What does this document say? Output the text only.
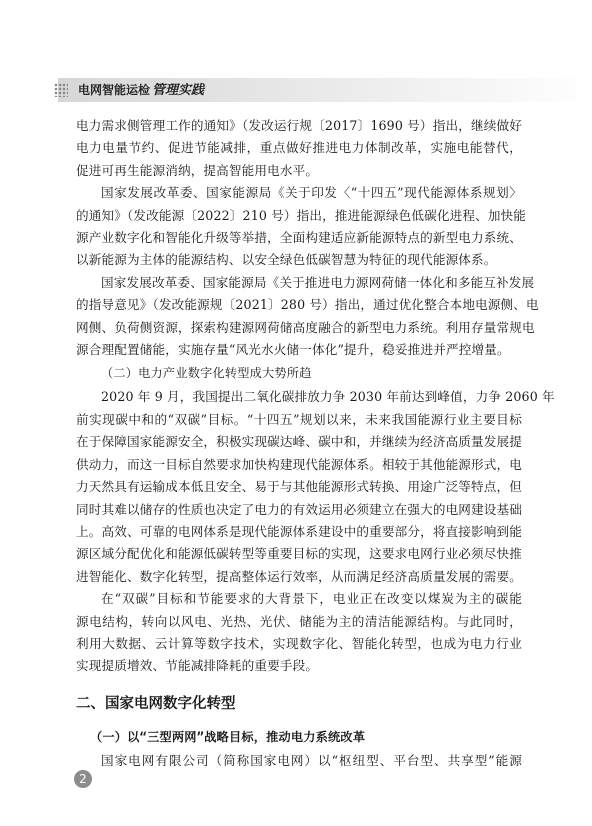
电网智能运检 管理实践

电力需求侧管理工作的通知》（发改运行规〔2017〕1690 号）指出，继续做好

电力电量节约、促进节能减排，重点做好推进电力体制改革，实施电能替代，

促进可再生能源消纳，提高智能用电水平。

国家发展改革委、国家能源局《关于印发〈“十四五”现代能源体系规划〉

的通知》（发改能源〔2022〕210 号）指出，推进能源绿色低碳化进程、加快能

源产业数字化和智能化升级等举措，全面构建适应新能源特点的新型电力系统、

以新能源为主体的能源结构、以安全绿色低碳智慧为特征的现代能源体系。

国家发展改革委、国家能源局《关于推进电力源网荷储一体化和多能互补发展

的指导意见》（发改能源规〔2021〕280 号）指出，通过优化整合本地电源侧、电

网侧、负荷侧资源，探索构建源网荷储高度融合的新型电力系统。利用存量常规电

源合理配置储能，实施存量“风光水火储一体化”提升，稳妥推进并严控增量。

（二）电力产业数字化转型成大势所趋

2020 年 9 月，我国提出二氧化碳排放力争 2030 年前达到峰值，力争 2060 年

前实现碳中和的“双碳”目标。“十四五”规划以来，未来我国能源行业主要目标

在于保障国家能源安全，积极实现碳达峰、碳中和，并继续为经济高质量发展提

供动力，而这一目标自然要求加快构建现代能源体系。相较于其他能源形式，电

力天然具有运输成本低且安全、易于与其他能源形式转换、用途广泛等特点，但

同时其难以储存的性质也决定了电力的有效运用必须建立在强大的电网建设基础

上。高效、可靠的电网体系是现代能源体系建设中的重要部分，将直接影响到能

源区域分配优化和能源低碳转型等重要目标的实现，这要求电网行业必须尽快推

进智能化、数字化转型，提高整体运行效率，从而满足经济高质量发展的需要。

在“双碳”目标和节能要求的大背景下，电业正在改变以煤炭为主的碳能

源电结构，转向以风电、光热、光伏、储能为主的清洁能源结构。与此同时，

利用大数据、云计算等数字技术，实现数字化、智能化转型，也成为电力行业

实现提质增效、节能减排降耗的重要手段。

二、国家电网数字化转型
（一）以“三型两网”战略目标，推动电力系统改革

国家电网有限公司（简称国家电网）以“枢纽型、平台型、共享型”能源

2
